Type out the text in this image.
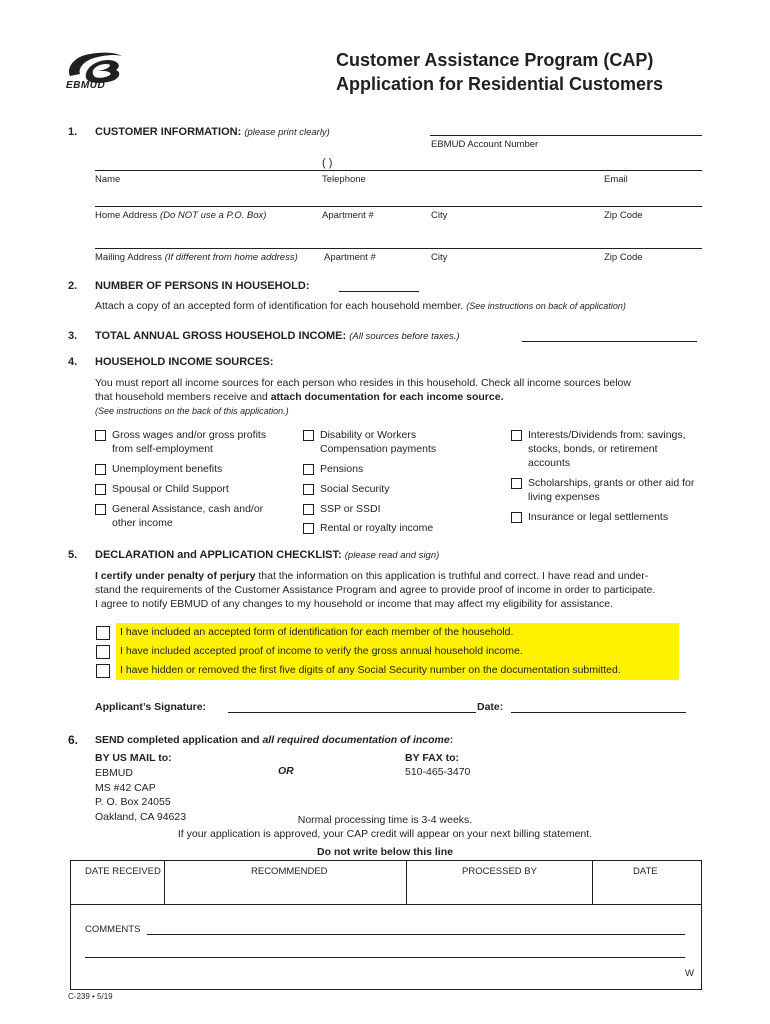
EBMUD
Customer Assistance Program (CAP)
Application for Residential Customers
1. CUSTOMER INFORMATION: (please print clearly)
EBMUD Account Number
( )
Name	Telephone	Email
Home Address (Do NOT use a P.O. Box)	Apartment #	City	Zip Code
Mailing Address (If different from home address)	Apartment #	City	Zip Code
2. NUMBER OF PERSONS IN HOUSEHOLD:
Attach a copy of an accepted form of identification for each household member. (See instructions on back of application)
3. TOTAL ANNUAL GROSS HOUSEHOLD INCOME: (All sources before taxes.)
4. HOUSEHOLD INCOME SOURCES:
You must report all income sources for each person who resides in this household. Check all income sources below
that household members receive and attach documentation for each income source.
(See instructions on the back of this application.)
Gross wages and/or gross profits from self-employment
Unemployment benefits
Spousal or Child Support
General Assistance, cash and/or other income
Disability or Workers Compensation payments
Pensions
Social Security
SSP or SSDI
Rental or royalty income
Interests/Dividends from: savings, stocks, bonds, or retirement accounts
Scholarships, grants or other aid for living expenses
Insurance or legal settlements
5. DECLARATION and APPLICATION CHECKLIST: (please read and sign)
I certify under penalty of perjury that the information on this application is truthful and correct. I have read and under-
stand the requirements of the Customer Assistance Program and agree to provide proof of income in order to participate.
I agree to notify EBMUD of any changes to my household or income that may affect my eligibility for assistance.
I have included an accepted form of identification for each member of the household.
I have included accepted proof of income to verify the gross annual household income.
I have hidden or removed the first five digits of any Social Security number on the documentation submitted.
Applicant’s Signature:	Date:
6. SEND completed application and all required documentation of income:
BY US MAIL to:
EBMUD
MS #42 CAP
P. O. Box 24055
Oakland, CA 94623
OR
BY FAX to:
510-465-3470
Normal processing time is 3-4 weeks.
If your application is approved, your CAP credit will appear on your next billing statement.
Do not write below this line
DATE RECEIVED	RECOMMENDED	PROCESSED BY	DATE
COMMENTS
W
C-239 • 5/19
